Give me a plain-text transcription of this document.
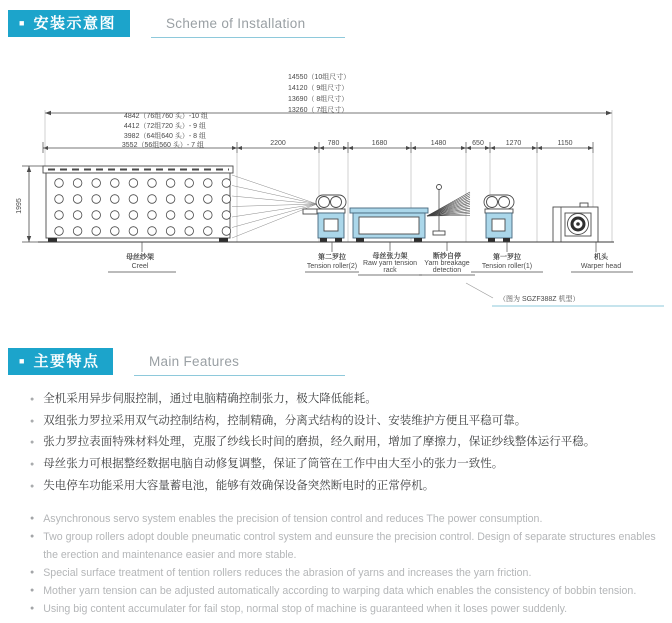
■ 安装示意图	Scheme of Installation
14550（10组尺寸）
14120（ 9组尺寸）
13690（ 8组尺寸）
13260（ 7组尺寸）
4842（76组760 头）-10 组
4412（72组720 头）- 9 组
3982（64组640 头）- 8 组
3552（56组560 头）- 7 组	2200	780	1680	1480	650	1270	1150
1995
母丝纱架
Creel
第二罗拉
Tension roller(2)
母丝张力架
Raw yarn tension
rack
断纱自停
Yarn breakage
detection
第一罗拉
Tension roller(1)
机头
Warper head
（图为 SGZF388Z 机型）
■ 主要特点	Main Features
● 全机采用异步伺服控制，通过电脑精确控制张力，极大降低能耗。
● 双组张力罗拉采用双气动控制结构，控制精确，分离式结构的设计、安装维护方便且平稳可靠。
● 张力罗拉表面特殊材料处理，克服了纱线长时间的磨损，经久耐用，增加了摩擦力，保证纱线整体运行平稳。
● 母丝张力可根据整经数据电脑自动修复调整，保证了筒管在工作中由大至小的张力一致性。
● 失电停车功能采用大容量蓄电池，能够有效确保设备突然断电时的正常停机。
● Asynchronous servo system enables the precision of tension control and reduces The power consumption.
● Two group rollers adopt double pneumatic control system and eunsure the precision control. Design of separate structures enables the erection and maintenance easier and more stable.
● Special surface treatment of tention rollers reduces the abrasion of yarns and increases the yarn friction.
● Mother yarn tension can be adjusted automatically according to warping data which enables the consistency of bobbin tension.
● Using big content accumulater for fail stop, normal stop of machine is guaranteed when it loses power suddenly.
